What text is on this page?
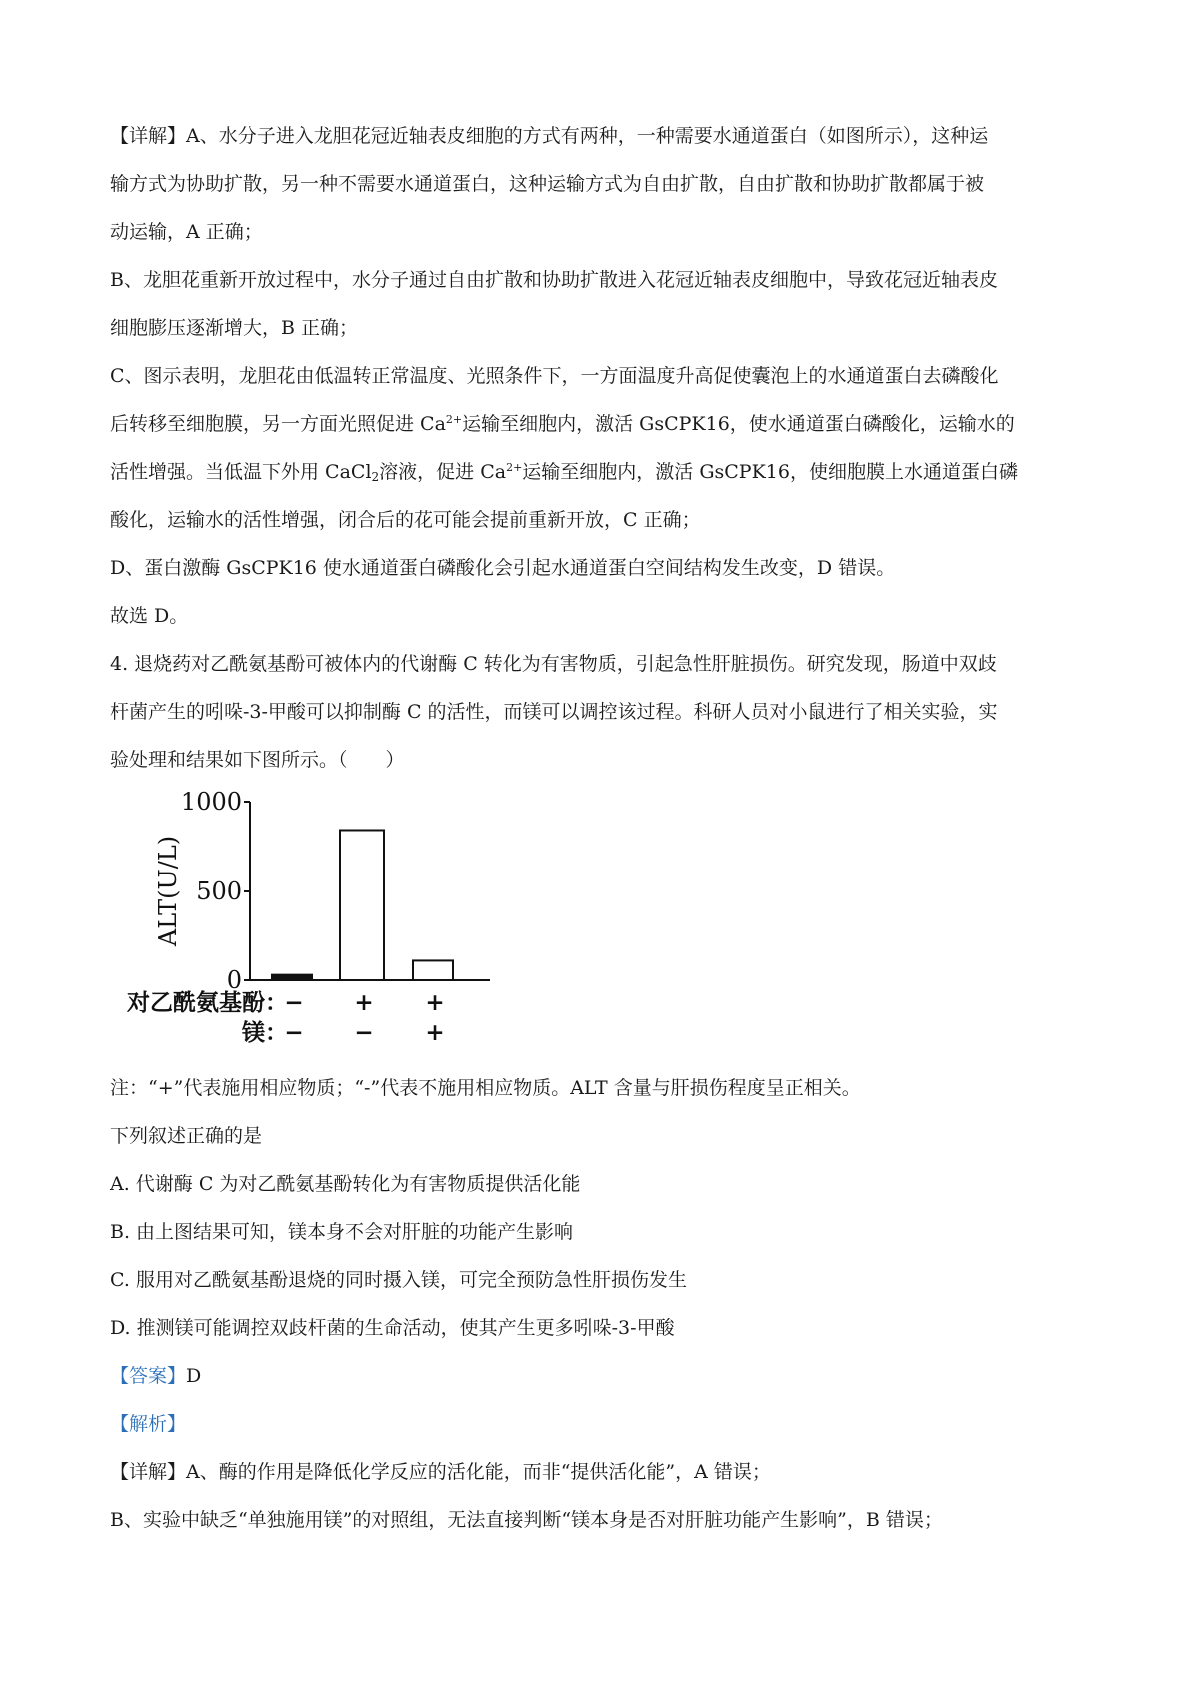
【详解】A、水分子进入龙胆花冠近轴表皮细胞的方式有两种，一种需要水通道蛋白（如图所示），这种运
输方式为协助扩散，另一种不需要水通道蛋白，这种运输方式为自由扩散，自由扩散和协助扩散都属于被
动运输，A 正确；
B、龙胆花重新开放过程中，水分子通过自由扩散和协助扩散进入花冠近轴表皮细胞中，导致花冠近轴表皮
细胞膨压逐渐增大，B 正确；
C、图示表明，龙胆花由低温转正常温度、光照条件下，一方面温度升高促使囊泡上的水通道蛋白去磷酸化
后转移至细胞膜，另一方面光照促进 $Ca^{2+}$运输至细胞内，激活 GsCPK16，使水通道蛋白磷酸化，运输水的
活性增强。当低温下外用 CaCl$_2$溶液，促进 $Ca^{2+}$运输至细胞内，激活 GsCPK16，使细胞膜上水通道蛋白磷
酸化，运输水的活性增强，闭合后的花可能会提前重新开放，C 正确；
D、蛋白激酶 GsCPK16 使水通道蛋白磷酸化会引起水通道蛋白空间结构发生改变，D 错误。
故选 D。
4. 退烧药对乙酰氨基酚可被体内的代谢酶 C 转化为有害物质，引起急性肝脏损伤。研究发现，肠道中双歧
杆菌产生的吲哚-3-甲酸可以抑制酶 C 的活性，而镁可以调控该过程。科研人员对小鼠进行了相关实验，实
验处理和结果如下图所示。（　　）
0
500
1000
ALT(U/L)
对乙酰氨基酚：
镁：
−
−
+
−
+
+
注：“+”代表施用相应物质；“-”代表不施用相应物质。ALT 含量与肝损伤程度呈正相关。
下列叙述正确的是
A. 代谢酶 C 为对乙酰氨基酚转化为有害物质提供活化能
B. 由上图结果可知，镁本身不会对肝脏的功能产生影响
C. 服用对乙酰氨基酚退烧的同时摄入镁，可完全预防急性肝损伤发生
D. 推测镁可能调控双歧杆菌的生命活动，使其产生更多吲哚-3-甲酸
【答案】D
【解析】
【详解】A、酶的作用是降低化学反应的活化能，而非“提供活化能”，A 错误；
B、实验中缺乏“单独施用镁”的对照组，无法直接判断“镁本身是否对肝脏功能产生影响”，B 错误；
